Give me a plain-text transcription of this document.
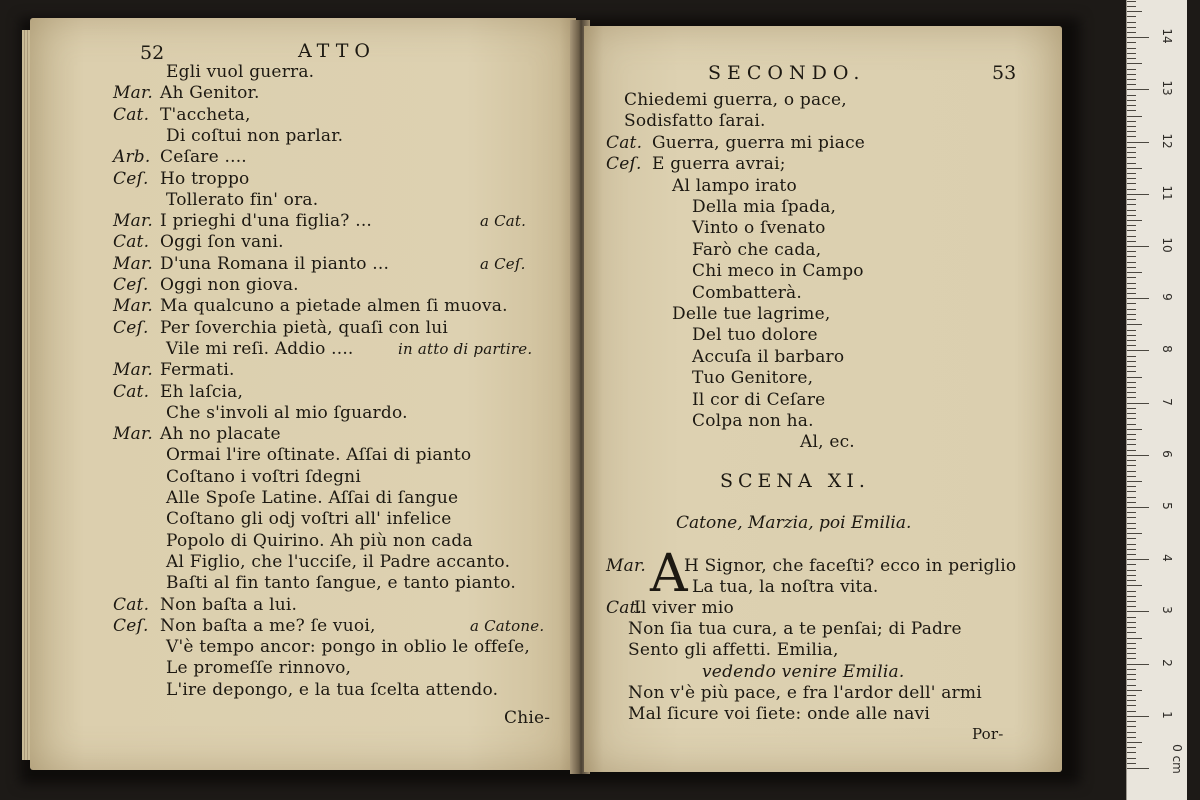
52	ATTO
Egli vuol guerra.
Mar. Ah Genitor.
Cat. T'accheta,
Di coſtui non parlar.
Arb. Ceſare ....
Ceſ. Ho troppo
Tollerato fin' ora.
Mar. I prieghi d'una figlia? ...	a Cat.
Cat. Oggi ſon vani.
Mar. D'una Romana il pianto ...	a Ceſ.
Ceſ. Oggi non giova.
Mar. Ma qualcuno a pietade almen ſi muova.
Ceſ. Per ſoverchia pietà, quaſi con lui
Vile mi reſi. Addio ....	in atto di partire.
Mar. Fermati.
Cat. Eh laſcia,
Che s'involi al mio ſguardo.
Mar. Ah no placate
Ormai l'ire oſtinate. Aſſai di pianto
Coſtano i voſtri ſdegni
Alle Spoſe Latine. Aſſai di ſangue
Coſtano gli odj voſtri all' infelice
Popolo di Quirino. Ah più non cada
Al Figlio, che l'ucciſe, il Padre accanto.
Baſti al fin tanto ſangue, e tanto pianto.
Cat. Non baſta a lui.
Ceſ. Non baſta a me? ſe vuoi,	a Catone.
V'è tempo ancor: pongo in oblio le offeſe,
Le promeſſe rinnovo,
L'ire depongo, e la tua ſcelta attendo.
Chie-
SECONDO.	53
Chiedemi guerra, o pace,
Sodisfatto ſarai.
Cat. Guerra, guerra mi piace
Ceſ. E guerra avrai;
Al lampo irato
Della mia ſpada,
Vinto o ſvenato
Farò che cada,
Chi meco in Campo
Combatterà.
Delle tue lagrime,
Del tuo dolore
Accuſa il barbaro
Tuo Genitore,
Il cor di Ceſare
Colpa non ha.
Al, ec.
SCENA XI.
Catone, Marzia, poi Emilia.
A
Mar. H Signor, che faceſti? ecco in periglio
La tua, la noſtra vita.
Cat.
Il viver mio
Non ſia tua cura, a te penſai; di Padre
Sento gli affetti. Emilia,
vedendo venire Emilia.
Non v'è più pace, e fra l'ardor dell' armi
Mal ſicure voi ſiete: onde alle navi
Por-
0 cm
1
2
3
4
5
6
7
8
9
10
11
12
13
14
